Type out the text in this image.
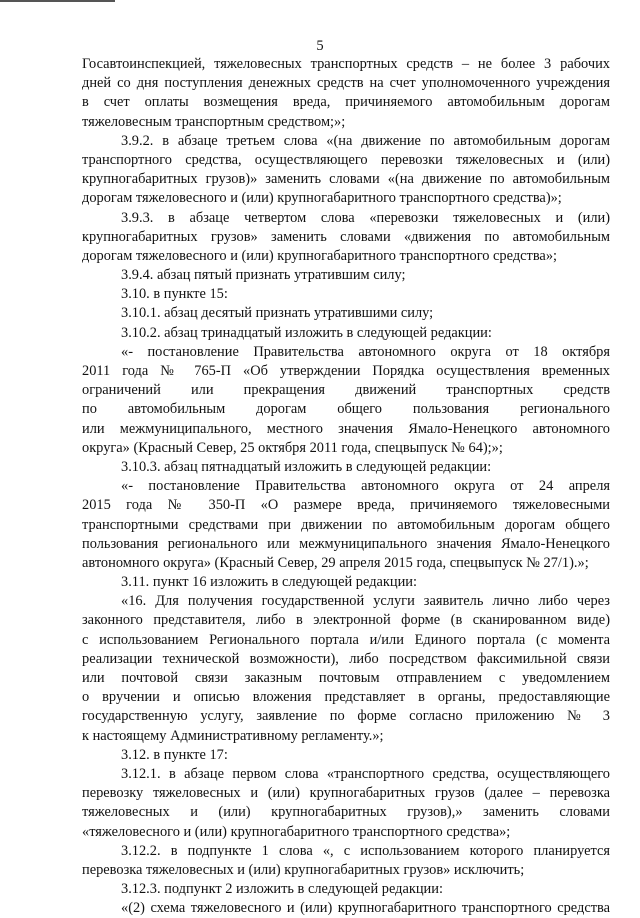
5
Госавтоинспекцией, тяжеловесных транспортных средств – не более 3 рабочих
дней со дня поступления денежных средств на счет уполномоченного учреждения
в счет оплаты возмещения вреда, причиняемого автомобильным дорогам
тяжеловесным транспортным средством;»;
3.9.2. в абзаце третьем слова «(на движение по автомобильным дорогам
транспортного средства, осуществляющего перевозки тяжеловесных и (или)
крупногабаритных грузов)» заменить словами «(на движение по автомобильным
дорогам тяжеловесного и (или) крупногабаритного транспортного средства)»;
3.9.3. в абзаце четвертом слова «перевозки тяжеловесных и (или)
крупногабаритных грузов» заменить словами «движения по автомобильным
дорогам тяжеловесного и (или) крупногабаритного транспортного средства»;
3.9.4. абзац пятый признать утратившим силу;
3.10. в пункте 15:
3.10.1. абзац десятый признать утратившими силу;
3.10.2. абзац тринадцатый изложить в следующей редакции:
«- постановление Правительства автономного округа от 18 октября
2011 года № 765-П «Об утверждении Порядка осуществления временных
ограничений или прекращения движений транспортных средств
по автомобильным дорогам общего пользования регионального
или межмуниципального, местного значения Ямало-Ненецкого автономного
округа» (Красный Север, 25 октября 2011 года, спецвыпуск № 64);»;
3.10.3. абзац пятнадцатый изложить в следующей редакции:
«- постановление Правительства автономного округа от 24 апреля
2015 года № 350-П «О размере вреда, причиняемого тяжеловесными
транспортными средствами при движении по автомобильным дорогам общего
пользования регионального или межмуниципального значения Ямало-Ненецкого
автономного округа» (Красный Север, 29 апреля 2015 года, спецвыпуск № 27/1).»;
3.11. пункт 16 изложить в следующей редакции:
«16. Для получения государственной услуги заявитель лично либо через
законного представителя, либо в электронной форме (в сканированном виде)
с использованием Регионального портала и/или Единого портала (с момента
реализации технической возможности), либо посредством факсимильной связи
или почтовой связи заказным почтовым отправлением с уведомлением
о вручении и описью вложения представляет в органы, предоставляющие
государственную услугу, заявление по форме согласно приложению № 3
к настоящему Административному регламенту.»;
3.12. в пункте 17:
3.12.1. в абзаце первом слова «транспортного средства, осуществляющего
перевозку тяжеловесных и (или) крупногабаритных грузов (далее – перевозка
тяжеловесных и (или) крупногабаритных грузов),» заменить словами
«тяжеловесного и (или) крупногабаритного транспортного средства»;
3.12.2. в подпункте 1 слова «, с использованием которого планируется
перевозка тяжеловесных и (или) крупногабаритных грузов» исключить;
3.12.3. подпункт 2 изложить в следующей редакции:
«(2) схема тяжеловесного и (или) крупногабаритного транспортного средства
